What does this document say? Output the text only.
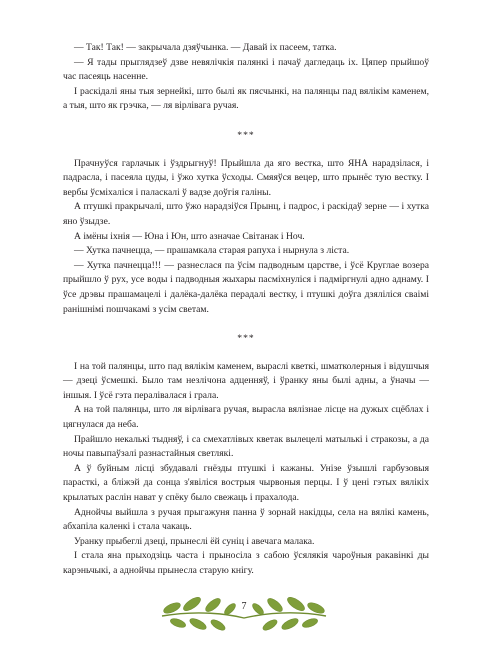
— Так! Так! — закрычала дзяўчынка. — Давай іх пасеем, татка.

— Я тады прыглядзеў дзве невялічкія палянкі і пачаў дагледаць іх. Цяпер прыйшоў час пасеяць насенне.

І раскідалі яны тыя зернейкі, што былі як пясчынкі, на палянцы пад вялікім каменем, а тыя, што як грэчка, — ля вірлівага ручая.

***

Прачнуўся гарлачык і ўздрыгнуў! Прыйшла да яго вестка, што ЯНА нарадзілася, і падрасла, і пасеяла цуды, і ўжо хутка ўсходы. Смяяўся вецер, што прынёс тую вестку. І вербы ўсміхаліся і паласкалі ў вадзе доўгія галіны.

А птушкі пракрычалі, што ўжо нарадзіўся Прынц, і падрос, і раскідаў зерне — і хутка яно ўзыдзе.

А імёны іхнія — Юна і Юн, што азначае Світанак і Ноч.

— Хутка пачнецца, — прашамкала старая рапуха і нырнула з ліста.

— Хутка пачнецца!!! — разнеслася па ўсім падводным царстве, і ўсё Круглае возера прыйшло ў рух, усе воды і падводныя жыхары пасміхнуліся і падміргнулі адно аднаму. І ўсе дрэвы прашамацелі і далёка-далёка перадалі вестку, і птушкі доўга дзяліліся сваімі ранішнімі пошчакамі з усім светам.

***

І на той палянцы, што пад вялікім каменем, выраслі кветкі, шматколерныя і відушчыя — дзеці ўсмешкі. Было там незлічона адценняў, і ўранку яны былі адны, а ўначы — іншыя. І ўсё гэта пералівалася і грала.

А на той палянцы, што ля вірлівага ручая, вырасла вялізнае лісце на дужых сцёблах і цягнулася да неба.

Прайшло некалькі тыдняў, і са смехатлівых кветак вылецелі матылькі і стракозы, а да ночы павыпаўзалі разнастайныя светлякі.

А ў буйным лісці збудавалі гнёзды птушкі і кажаны. Унізе ўзышлі гарбузовыя парасткі, а бліжэй да сонца з'явіліся вострыя чырвоныя перцы. І ў цені гэтых вялікіх крылатых раслін нават у спёку было свежаць і прахалода.

Аднойчы выйшла з ручая прыгажуня панна ў зорнай накідцы, села на вялікі камень, абхапіла каленкі і стала чакаць.

Уранку прыбеглі дзеці, прынеслі ёй суніц і авечага малака.

І стала яна прыходзіць часта і прыносіла з сабою ўсялякія чароўныя ракавінкі ды карэньчыкі, а аднойчы прынесла старую кнігу.

7
